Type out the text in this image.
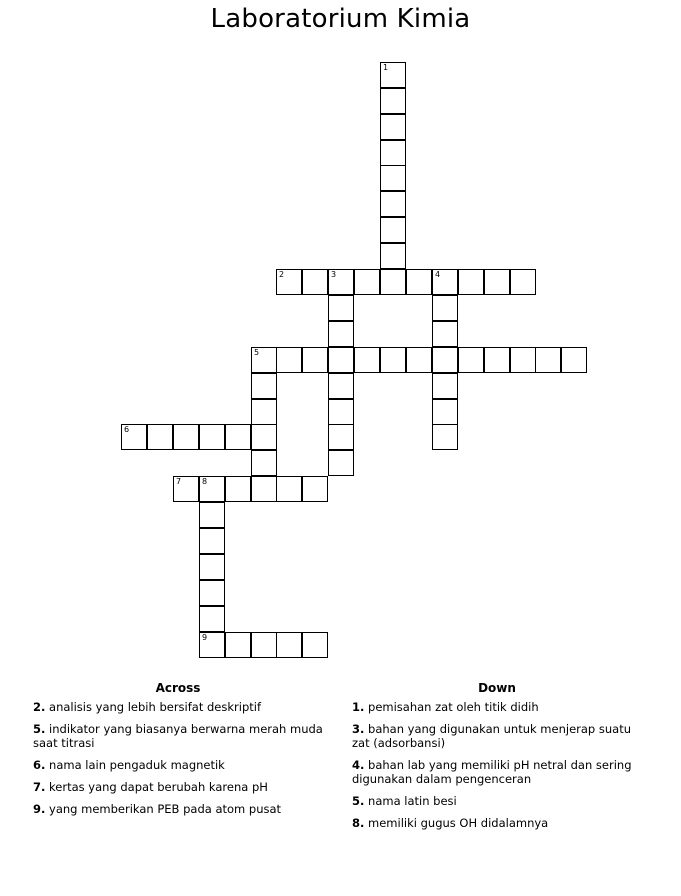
Laboratorium Kimia
1
2	3	4
5
6
7	8
9
Across
2. analisis yang lebih bersifat deskriptif
5. indikator yang biasanya berwarna merah muda saat titrasi
6. nama lain pengaduk magnetik
7. kertas yang dapat berubah karena pH
9. yang memberikan PEB pada atom pusat
Down
1. pemisahan zat oleh titik didih
3. bahan yang digunakan untuk menjerap suatu zat (adsorbansi)
4. bahan lab yang memiliki pH netral dan sering digunakan dalam pengenceran
5. nama latin besi
8. memiliki gugus OH didalamnya
